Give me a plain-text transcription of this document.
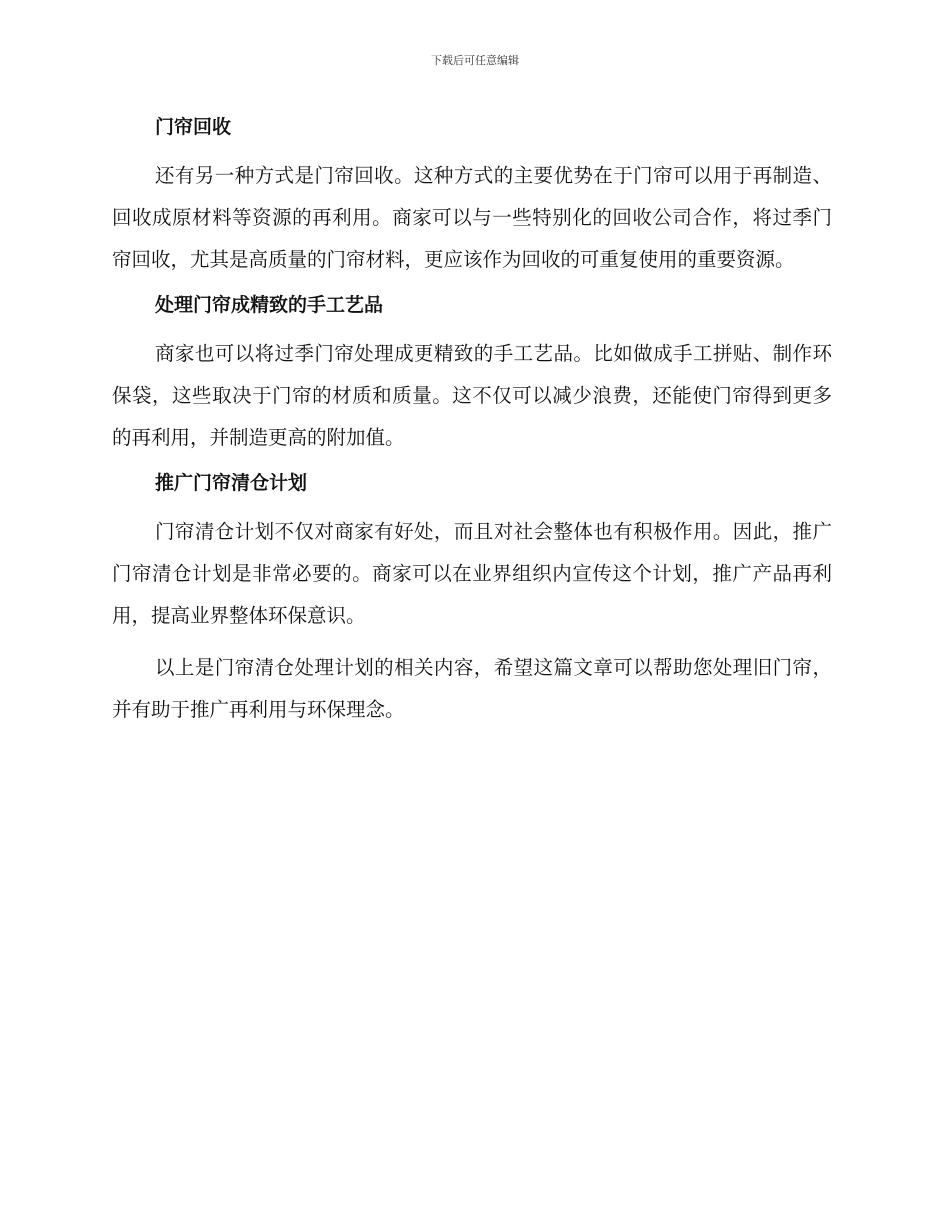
下载后可任意编辑
门帘回收

还有另一种方式是门帘回收。这种方式的主要优势在于门帘可以用于再制造、回收成原材料等资源的再利用。商家可以与一些特别化的回收公司合作，将过季门帘回收，尤其是高质量的门帘材料，更应该作为回收的可重复使用的重要资源。

处理门帘成精致的手工艺品

商家也可以将过季门帘处理成更精致的手工艺品。比如做成手工拼贴、制作环保袋，这些取决于门帘的材质和质量。这不仅可以减少浪费，还能使门帘得到更多的再利用，并制造更高的附加值。

推广门帘清仓计划

门帘清仓计划不仅对商家有好处，而且对社会整体也有积极作用。因此，推广门帘清仓计划是非常必要的。商家可以在业界组织内宣传这个计划，推广产品再利用，提高业界整体环保意识。

以上是门帘清仓处理计划的相关内容，希望这篇文章可以帮助您处理旧门帘，并有助于推广再利用与环保理念。
